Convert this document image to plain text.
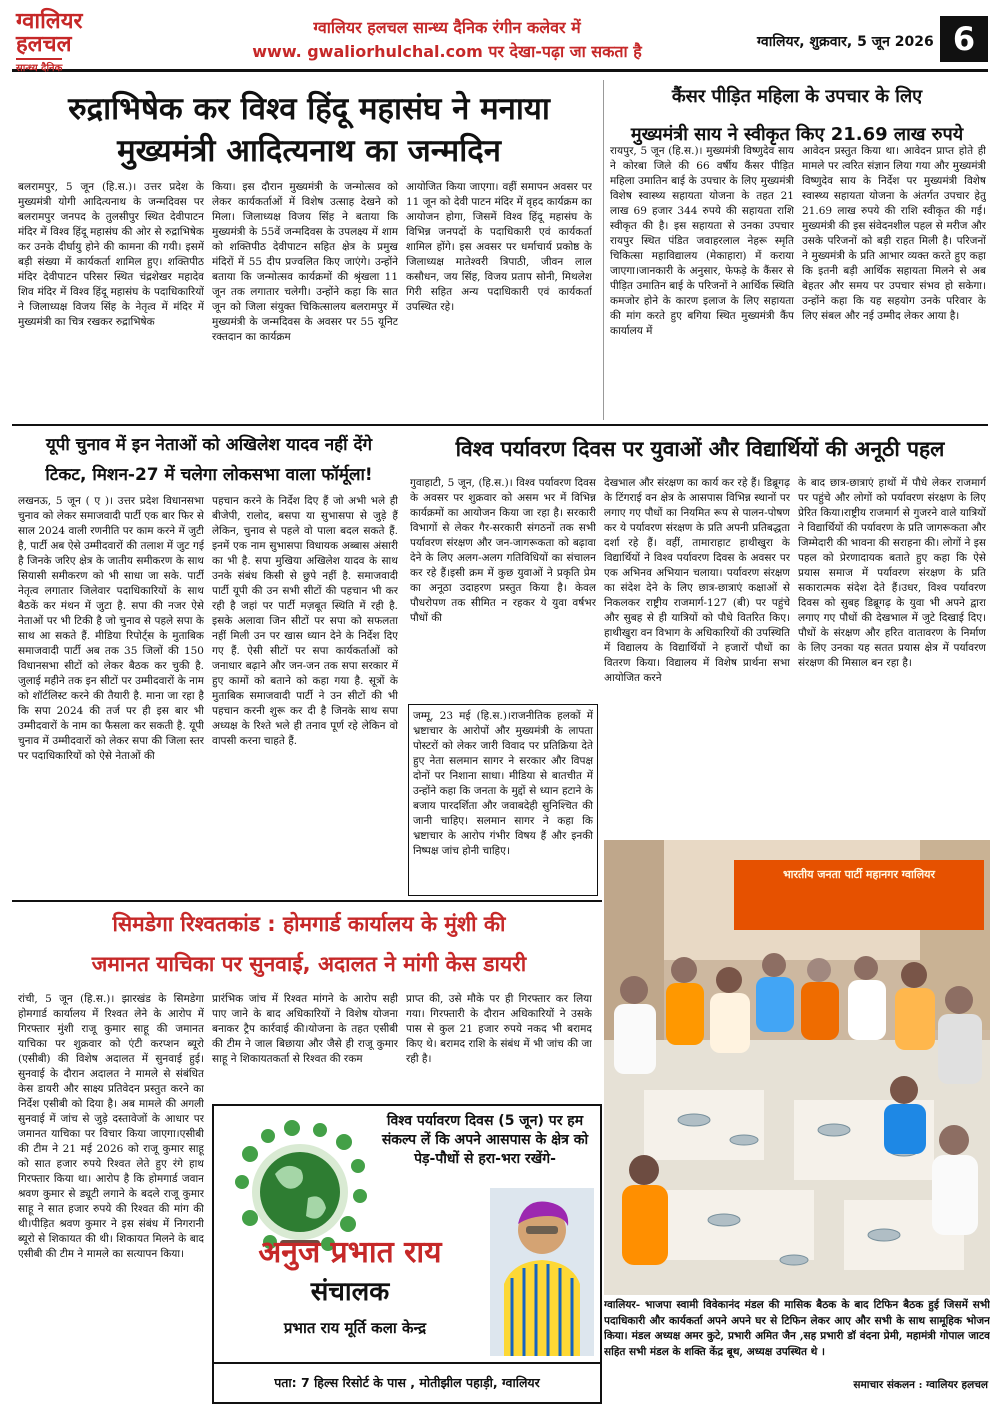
ग्वालियर
हलचल
सान्ध्य दैनिक
ग्वालियर हलचल सान्ध्य दैनिक रंगीन कलेवर में
www. gwaliorhulchal.com पर देखा-पढ़ा जा सकता है	ग्वालियर, शुक्रवार, 5 जून 2026 6
रुद्राभिषेक कर विश्व हिंदू महासंघ ने मनाया
मुख्यमंत्री आदित्यनाथ का जन्मदिन
बलरामपुर, 5 जून (हि.स.)। उत्तर प्रदेश के मुख्यमंत्री योगी आदित्यनाथ के जन्मदिवस पर बलरामपुर जनपद के तुलसीपुर स्थित देवीपाटन मंदिर में विश्व हिंदू महासंघ की ओर से रुद्राभिषेक कर उनके दीर्घायु होने की कामना की गयी। इसमें बड़ी संख्या में कार्यकर्ता शामिल हुए। शक्तिपीठ मंदिर देवीपाटन परिसर स्थित चंद्रशेखर महादेव शिव मंदिर में विश्व हिंदू महासंघ के पदाधिकारियों ने जिलाध्यक्ष विजय सिंह के नेतृत्व में मंदिर में मुख्यमंत्री का चित्र रखकर रुद्राभिषेक
किया। इस दौरान मुख्यमंत्री के जन्मोत्सव को लेकर कार्यकर्ताओं में विशेष उत्साह देखने को मिला। जिलाध्यक्ष विजय सिंह ने बताया कि मुख्यमंत्री के 55वें जन्मदिवस के उपलक्ष्य में शाम को शक्तिपीठ देवीपाटन सहित क्षेत्र के प्रमुख मंदिरों में 55 दीप प्रज्वलित किए जाएंगे। उन्होंने बताया कि जन्मोत्सव कार्यक्रमों की श्रृंखला 11 जून तक लगातार चलेगी। उन्होंने कहा कि सात जून को जिला संयुक्त चिकित्सालय बलरामपुर में मुख्यमंत्री के जन्मदिवस के अवसर पर 55 यूनिट रक्तदान का कार्यक्रम
आयोजित किया जाएगा। वहीं समापन अवसर पर 11 जून को देवी पाटन मंदिर में वृहद कार्यक्रम का आयोजन होगा, जिसमें विश्व हिंदू महासंघ के विभिन्न जनपदों के पदाधिकारी एवं कार्यकर्ता शामिल होंगे। इस अवसर पर धर्माचार्य प्रकोष्ठ के जिलाध्यक्ष मातेश्वरी त्रिपाठी, जीवन लाल कसौधन, जय सिंह, विजय प्रताप सोनी, मिथलेश गिरी सहित अन्य पदाधिकारी एवं कार्यकर्ता उपस्थित रहे।
कैंसर पीड़ित महिला के उपचार के लिए
मुख्यमंत्री साय ने स्वीकृत किए 21.69 लाख रुपये
रायपुर, 5 जून (हि.स.)। मुख्यमंत्री विष्णुदेव साय ने कोरबा जिले की 66 वर्षीय कैंसर पीड़ित महिला उमातिन बाई के उपचार के लिए मुख्यमंत्री विशेष स्वास्थ्य सहायता योजना के तहत 21 लाख 69 हजार 344 रुपये की सहायता राशि स्वीकृत की है। इस सहायता से उनका उपचार रायपुर स्थित पंडित जवाहरलाल नेहरू स्मृति चिकित्सा महाविद्यालय (मेकाहारा) में कराया जाएगा।जानकारी के अनुसार, फेफड़े के कैंसर से पीड़ित उमातिन बाई के परिजनों ने आर्थिक स्थिति कमजोर होने के कारण इलाज के लिए सहायता की मांग करते हुए बगिया स्थित मुख्यमंत्री कैंप कार्यालय में
आवेदन प्रस्तुत किया था। आवेदन प्राप्त होते ही मामले पर त्वरित संज्ञान लिया गया और मुख्यमंत्री विष्णुदेव साय के निर्देश पर मुख्यमंत्री विशेष स्वास्थ्य सहायता योजना के अंतर्गत उपचार हेतु 21.69 लाख रुपये की राशि स्वीकृत की गई।मुख्यमंत्री की इस संवेदनशील पहल से मरीज और उसके परिजनों को बड़ी राहत मिली है। परिजनों ने मुख्यमंत्री के प्रति आभार व्यक्त करते हुए कहा कि इतनी बड़ी आर्थिक सहायता मिलने से अब बेहतर और समय पर उपचार संभव हो सकेगा। उन्होंने कहा कि यह सहयोग उनके परिवार के लिए संबल और नई उम्मीद लेकर आया है।
यूपी चुनाव में इन नेताओं को अखिलेश यादव नहीं देंगे
टिकट, मिशन-27 में चलेगा लोकसभा वाला फॉर्मूला!
लखनऊ, 5 जून ( ए )। उत्तर प्रदेश विधानसभा चुनाव को लेकर समाजवादी पार्टी एक बार फिर से साल 2024 वाली रणनीति पर काम करने में जुटी है, पार्टी अब ऐसे उम्मीदवारों की तलाश में जुट गई है जिनके जरिए क्षेत्र के जातीय समीकरण के साथ सियासी समीकरण को भी साधा जा सके. पार्टी नेतृत्व लगातार जिलेवार पदाधिकारियों के साथ बैठकें कर मंथन में जुटा है. सपा की नजर ऐसे नेताओं पर भी टिकी है जो चुनाव से पहले सपा के साथ आ सकते हैं. मीडिया रिपोर्ट्स के मुताबिक समाजवादी पार्टी अब तक 35 जिलों की 150 विधानसभा सीटों को लेकर बैठक कर चुकी है. जुलाई महीने तक इन सीटों पर उम्मीदवारों के नाम को शॉर्टलिस्ट करने की तैयारी है. माना जा रहा है कि सपा 2024 की तर्ज पर ही इस बार भी उम्मीदवारों के नाम का फैसला कर सकती है. यूपी चुनाव में उम्मीदवारों को लेकर सपा की जिला स्तर पर पदाधिकारियों को ऐसे नेताओं की
पहचान करने के निर्देश दिए हैं जो अभी भले ही बीजेपी, रालोद, बसपा या सुभासपा से जुड़े हैं लेकिन, चुनाव से पहले वो पाला बदल सकते हैं. इनमें एक नाम सुभासपा विधायक अब्बास अंसारी का भी है. सपा मुखिया अखिलेश यादव के साथ उनके संबंध किसी से छुपे नहीं है. समाजवादी पार्टी यूपी की उन सभी सीटों की पहचान भी कर रही है जहां पर पार्टी मज़बूत स्थिति में रही है. इसके अलावा जिन सीटों पर सपा को सफलता नहीं मिली उन पर खास ध्यान देने के निर्देश दिए गए हैं. ऐसी सीटों पर सपा कार्यकर्ताओं को जनाधार बढ़ाने और जन-जन तक सपा सरकार में हुए कामों को बताने को कहा गया है. सूत्रों के मुताबिक समाजवादी पार्टी ने उन सीटों की भी पहचान करनी शुरू कर दी है जिनके साथ सपा अध्यक्ष के रिश्ते भले ही तनाव पूर्ण रहे लेकिन वो वापसी करना चाहते हैं.
विश्व पर्यावरण दिवस पर युवाओं और विद्यार्थियों की अनूठी पहल
गुवाहाटी, 5 जून, (हि.स.)। विश्व पर्यावरण दिवस के अवसर पर शुक्रवार को असम भर में विभिन्न कार्यक्रमों का आयोजन किया जा रहा है। सरकारी विभागों से लेकर गैर-सरकारी संगठनों तक सभी पर्यावरण संरक्षण और जन-जागरूकता को बढ़ावा देने के लिए अलग-अलग गतिविधियों का संचालन कर रहे हैं।इसी क्रम में कुछ युवाओं ने प्रकृति प्रेम का अनूठा उदाहरण प्रस्तुत किया है। केवल पौधरोपण तक सीमित न रहकर ये युवा वर्षभर पौधों की
देखभाल और संरक्षण का कार्य कर रहे हैं। डिब्रूगढ़ के टिंगराई वन क्षेत्र के आसपास विभिन्न स्थानों पर लगाए गए पौधों का नियमित रूप से पालन-पोषण कर ये पर्यावरण संरक्षण के प्रति अपनी प्रतिबद्धता दर्शा रहे हैं। वहीं, तामाराहाट हाथीखुरा के विद्यार्थियों ने विश्व पर्यावरण दिवस के अवसर पर एक अभिनव अभियान चलाया। पर्यावरण संरक्षण का संदेश देने के लिए छात्र-छात्राएं कक्षाओं से निकलकर राष्ट्रीय राजमार्ग-127 (बी) पर पहुंचे और सुबह से ही यात्रियों को पौधे वितरित किए।हाथीखुरा वन विभाग के अधिकारियों की उपस्थिति में विद्यालय के विद्यार्थियों ने हजारों पौधों का वितरण किया। विद्यालय में विशेष प्रार्थना सभा आयोजित करने
के बाद छात्र-छात्राएं हाथों में पौधे लेकर राजमार्ग पर पहुंचे और लोगों को पर्यावरण संरक्षण के लिए प्रेरित किया।राष्ट्रीय राजमार्ग से गुजरने वाले यात्रियों ने विद्यार्थियों की पर्यावरण के प्रति जागरूकता और जिम्मेदारी की भावना की सराहना की। लोगों ने इस पहल को प्रेरणादायक बताते हुए कहा कि ऐसे प्रयास समाज में पर्यावरण संरक्षण के प्रति सकारात्मक संदेश देते हैं।उधर, विश्व पर्यावरण दिवस को सुबह डिब्रूगढ़ के युवा भी अपने द्वारा लगाए गए पौधों की देखभाल में जुटे दिखाई दिए। पौधों के संरक्षण और हरित वातावरण के निर्माण के लिए उनका यह सतत प्रयास क्षेत्र में पर्यावरण संरक्षण की मिसाल बन रहा है।
जम्मू, 23 मई (हि.स.)।राजनीतिक हलकों में भ्रष्टाचार के आरोपों और मुख्यमंत्री के लापता पोस्टरों को लेकर जारी विवाद पर प्रतिक्रिया देते हुए नेता सलमान सागर ने सरकार और विपक्ष दोनों पर निशाना साधा। मीडिया से बातचीत में उन्होंने कहा कि जनता के मुद्दों से ध्यान हटाने के बजाय पारदर्शिता और जवाबदेही सुनिश्चित की जानी चाहिए। सलमान सागर ने कहा कि भ्रष्टाचार के आरोप गंभीर विषय हैं और इनकी निष्पक्ष जांच होनी चाहिए।
सिमडेगा रिश्वतकांड : होमगार्ड कार्यालय के मुंशी की
जमानत याचिका पर सुनवाई, अदालत ने मांगी केस डायरी
रांची, 5 जून (हि.स.)। झारखंड के सिमडेगा होमगार्ड कार्यालय में रिश्वत लेने के आरोप में गिरफ्तार मुंशी राजू कुमार साहू की जमानत याचिका पर शुक्रवार को एंटी करप्शन ब्यूरो (एसीबी) की विशेष अदालत में सुनवाई हुई। सुनवाई के दौरान अदालत ने मामले से संबंधित केस डायरी और साक्ष्य प्रतिवेदन प्रस्तुत करने का निर्देश एसीबी को दिया है। अब मामले की अगली सुनवाई में जांच से जुड़े दस्तावेजों के आधार पर जमानत याचिका पर विचार किया जाएगा।एसीबी की टीम ने 21 मई 2026 को राजू कुमार साहू को सात हजार रुपये रिश्वत लेते हुए रंगे हाथ गिरफ्तार किया था। आरोप है कि होमगार्ड जवान श्रवण कुमार से ड्यूटी लगाने के बदले राजू कुमार साहू ने सात हजार रुपये की रिश्वत की मांग की थी।पीड़ित श्रवण कुमार ने इस संबंध में निगरानी ब्यूरो से शिकायत की थी। शिकायत मिलने के बाद एसीबी की टीम ने मामले का सत्यापन किया।
प्रारंभिक जांच में रिश्वत मांगने के आरोप सही पाए जाने के बाद अधिकारियों ने विशेष योजना बनाकर ट्रैप कार्रवाई की।योजना के तहत एसीबी की टीम ने जाल बिछाया और जैसे ही राजू कुमार साहू ने शिकायतकर्ता से रिश्वत की रकम
प्राप्त की, उसे मौके पर ही गिरफ्तार कर लिया गया। गिरफ्तारी के दौरान अधिकारियों ने उसके पास से कुल 21 हजार रुपये नकद भी बरामद किए थे। बरामद राशि के संबंध में भी जांच की जा रही है।
विश्व पर्यावरण दिवस (5 जून) पर हम संकल्प लें कि अपने आसपास के क्षेत्र को पेड़-पौधों से हरा-भरा रखेंगे-
अनुज प्रभात राय
संचालक
प्रभात राय मूर्ति कला केन्द्र
पता: 7 हिल्स रिसोर्ट के पास , मोतीझील पहाड़ी, ग्वालियर
भारतीय जनता पार्टी महानगर ग्वालियर
ग्वालियर- भाजपा स्वामी विवेकानंद मंडल की मासिक बैठक के बाद टिफिन बैठक हुई जिसमें सभी पदाधिकारी और कार्यकर्ता अपने अपने घर से टिफिन लेकर आए और सभी के साथ सामूहिक भोजन किया। मंडल अध्यक्ष अमर कुटे, प्रभारी अमित जैन ,सह प्रभारी डॉ वंदना प्रेमी, महामंत्री गोपाल जाटव सहित सभी मंडल के शक्ति केंद्र बूथ, अध्यक्ष उपस्थित थे ।
समाचार संकलन : ग्वालियर हलचल
